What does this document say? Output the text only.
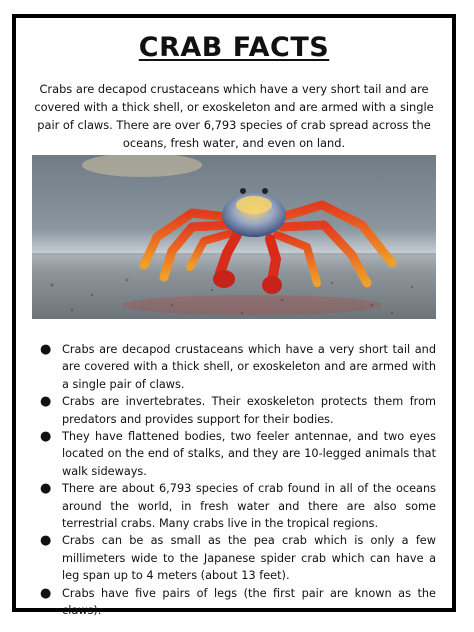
CRAB FACTS
Crabs are decapod crustaceans which have a very short tail and are covered with a thick shell, or exoskeleton and are armed with a single pair of claws. There are over 6,793 species of crab spread across the oceans, fresh water, and even on land.
● Crabs are decapod crustaceans which have a very short tail and are covered with a thick shell, or exoskeleton and are armed with a single pair of claws.
● Crabs are invertebrates. Their exoskeleton protects them from predators and provides support for their bodies.
● They have flattened bodies, two feeler antennae, and two eyes located on the end of stalks, and they are 10-legged animals that walk sideways.
● There are about 6,793 species of crab found in all of the oceans around the world, in fresh water and there are also some terrestrial crabs. Many crabs live in the tropical regions.
● Crabs can be as small as the pea crab which is only a few millimeters wide to the Japanese spider crab which can have a leg span up to 4 meters (about 13 feet).
● Crabs have five pairs of legs (the first pair are known as the claws).
